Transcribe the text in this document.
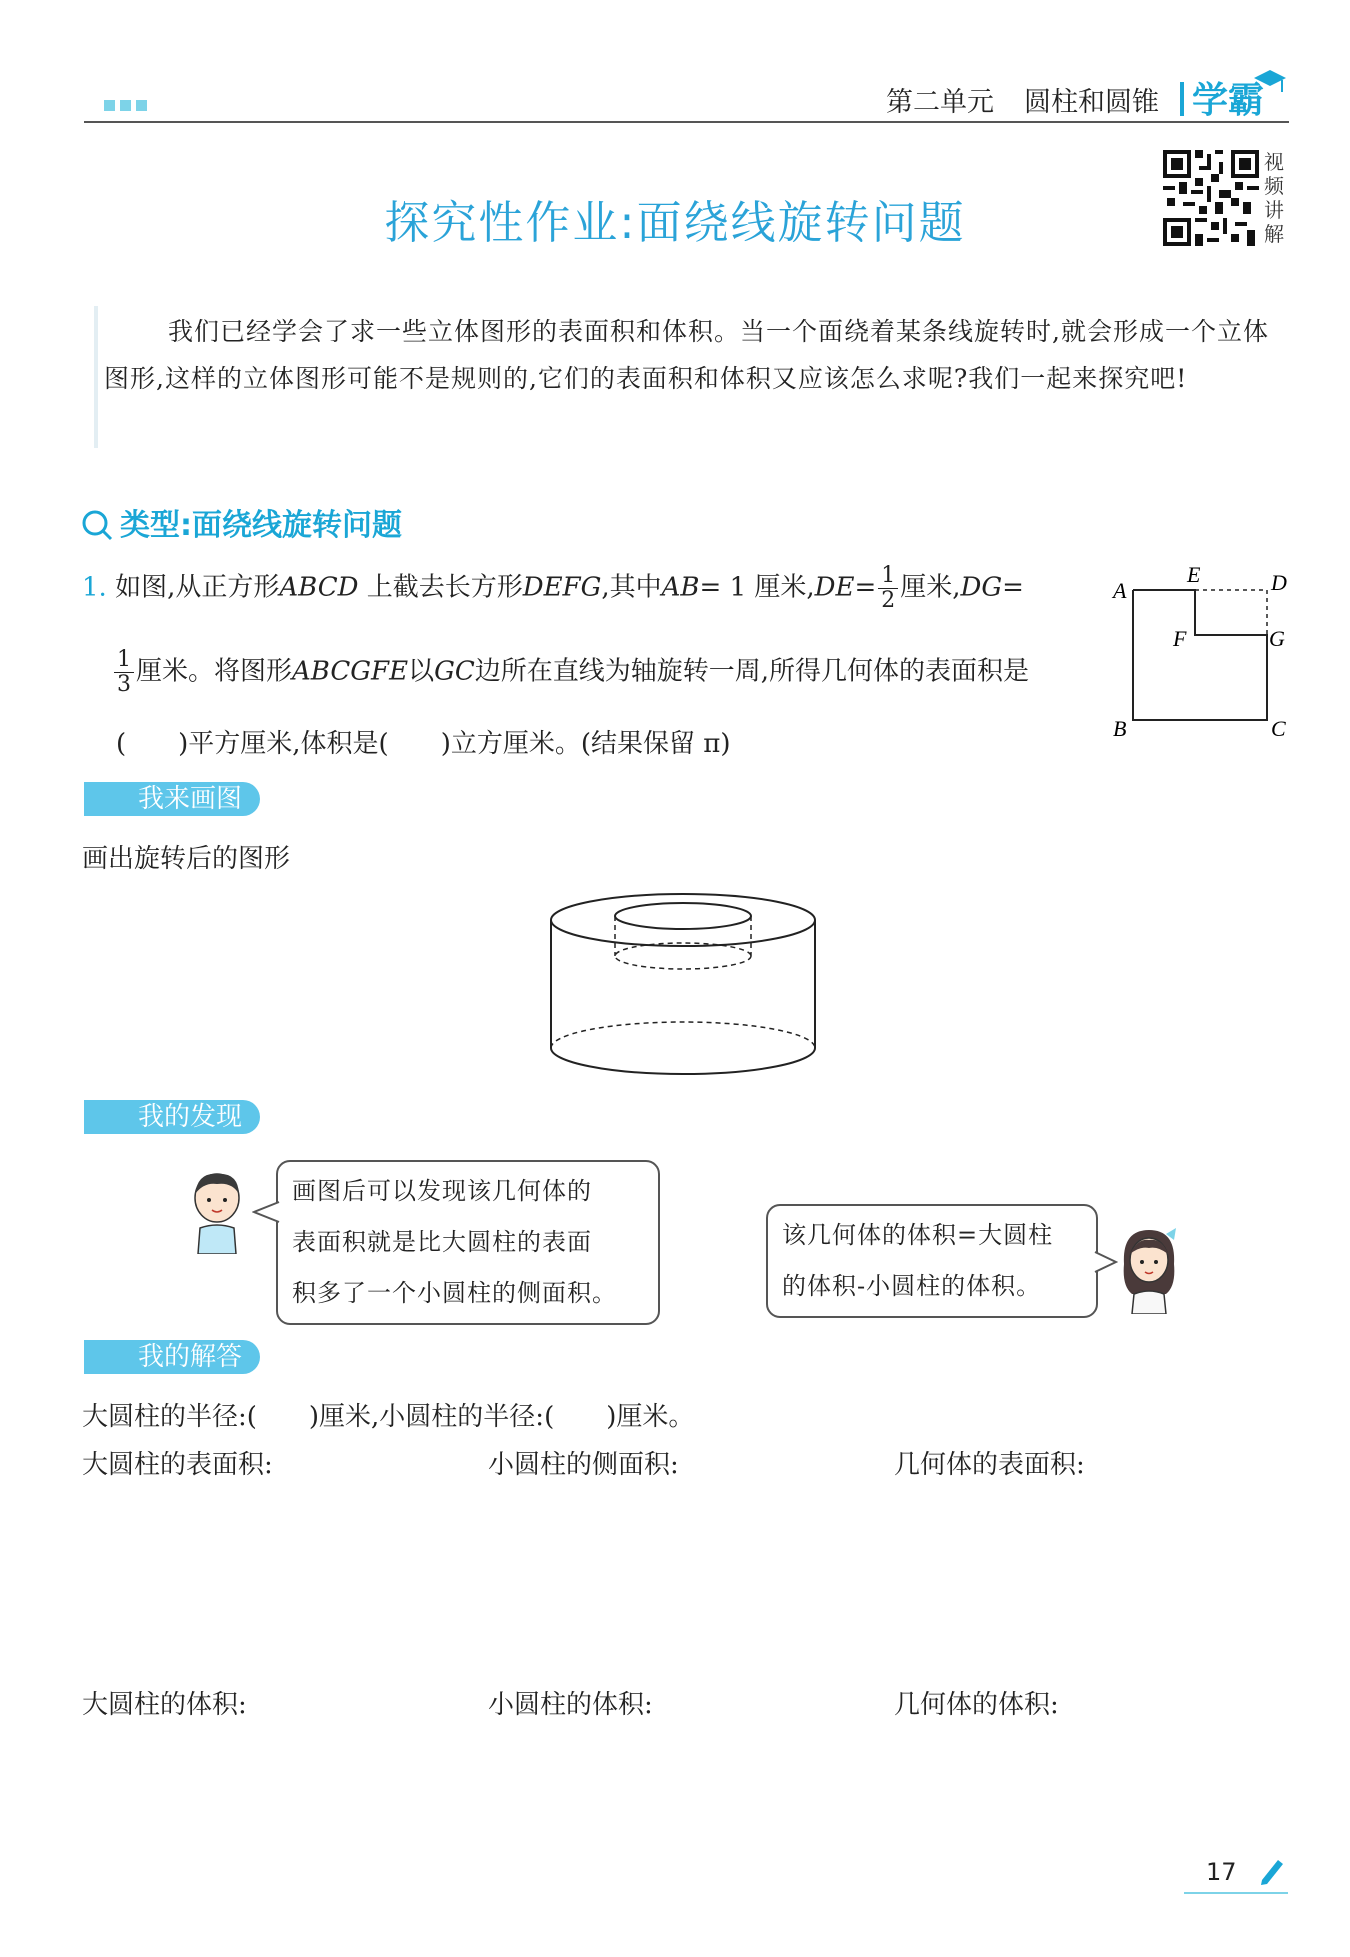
第二单元 圆柱和圆锥 学霸
探究性作业:面绕线旋转问题
视频讲解

我们已经学会了求一些立体图形的表面积和体积。当一个面绕着某条线旋转时,就会形成一个立体图形,这样的立体图形可能不是规则的,它们的表面积和体积又应该怎么求呢?我们一起来探究吧!

类型:面绕线旋转问题
1. 如图,从正方形ABCD 上截去长方形DEFG,其中AB= 1 厘米$,DE= \frac{1}{2}$ 厘米,DG=
$\frac{1}{3}$ 厘米。将图形ABCGFE以GC边所在直线为轴旋转一周,所得几何体的表面积是
(　　)平方厘米,体积是(　　)立方厘米。(结果保留 π)
A
E	D
F	G
B	C
我来画图
画出旋转后的图形
我的发现
画图后可以发现该几何体的
表面积就是比大圆柱的表面
积多了一个小圆柱的侧面积。
该几何体的体积=大圆柱
的体积-小圆柱的体积。
我的解答
大圆柱的半径:(　　)厘米,小圆柱的半径:(　　)厘米。
大圆柱的表面积:	小圆柱的侧面积:	几何体的表面积:
大圆柱的体积:	小圆柱的体积:	几何体的体积:
17
